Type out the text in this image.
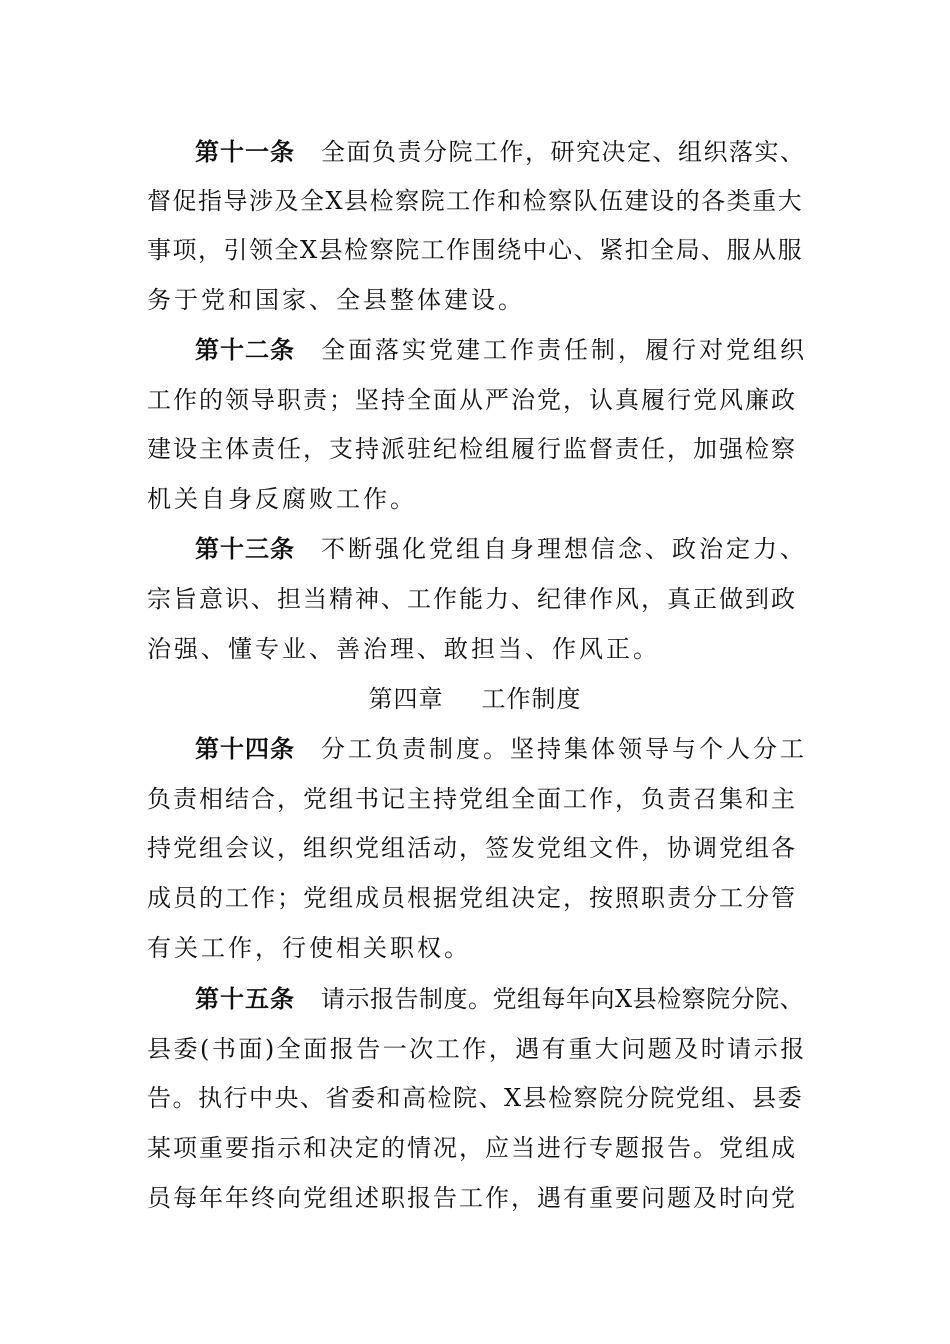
第十一条 全面负责分院工作，研究决定、组织落实、
督促指导涉及全X县检察院工作和检察队伍建设的各类重大
事项，引领全X县检察院工作围绕中心、紧扣全局、服从服
务于党和国家、全县整体建设。
第十二条 全面落实党建工作责任制，履行对党组织
工作的领导职责；坚持全面从严治党，认真履行党风廉政
建设主体责任，支持派驻纪检组履行监督责任，加强检察
机关自身反腐败工作。
第十三条 不断强化党组自身理想信念、政治定力、
宗旨意识、担当精神、工作能力、纪律作风，真正做到政
治强、懂专业、善治理、敢担当、作风正。
第四章 工作制度
第十四条 分工负责制度。坚持集体领导与个人分工
负责相结合，党组书记主持党组全面工作，负责召集和主
持党组会议，组织党组活动，签发党组文件，协调党组各
成员的工作；党组成员根据党组决定，按照职责分工分管
有关工作，行使相关职权。
第十五条 请示报告制度。党组每年向X县检察院分院、
县委(书面)全面报告一次工作，遇有重大问题及时请示报
告。执行中央、省委和高检院、X县检察院分院党组、县委
某项重要指示和决定的情况，应当进行专题报告。党组成
员每年年终向党组述职报告工作，遇有重要问题及时向党
